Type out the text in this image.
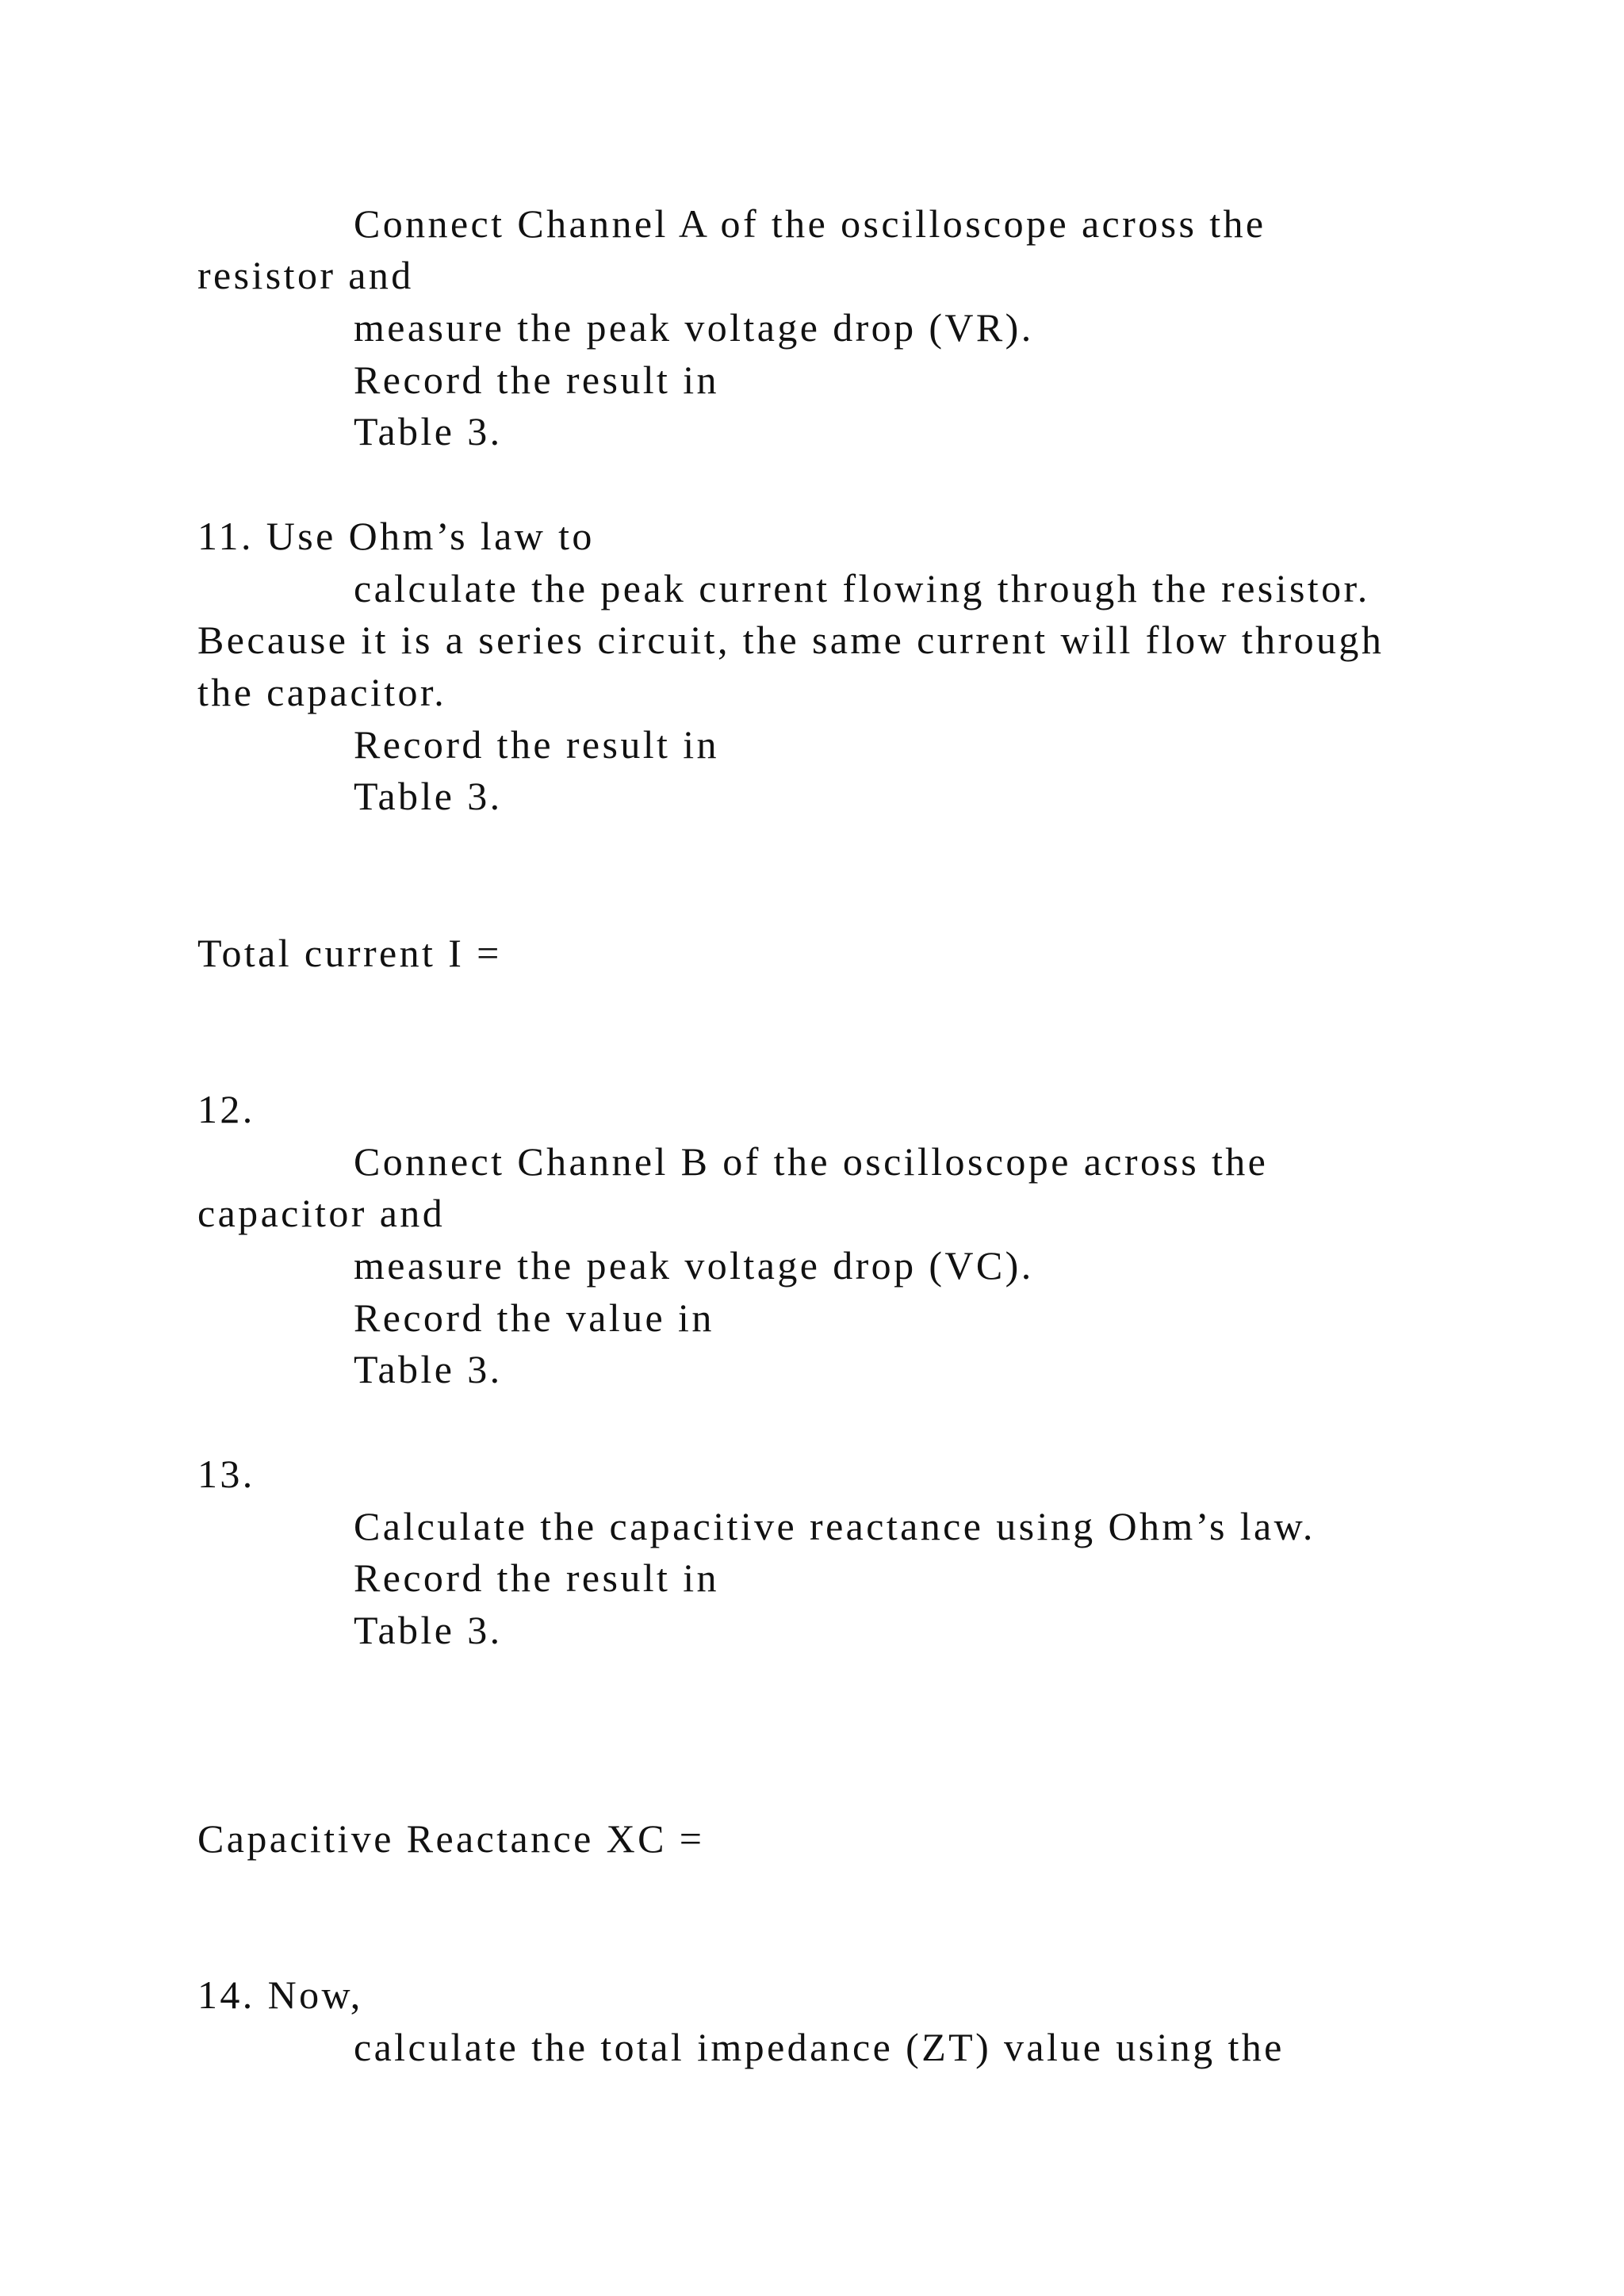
Connect Channel A of the oscilloscope across the

resistor and

measure the peak voltage drop (VR).

Record the result in

Table 3.

11. Use Ohm’s law to

calculate the peak current flowing through the resistor.

Because it is a series circuit, the same current will flow through

the capacitor.

Record the result in

Table 3.

Total current I =

12.

Connect Channel B of the oscilloscope across the

capacitor and

measure the peak voltage drop (VC).

Record the value in

Table 3.

13.

Calculate the capacitive reactance using Ohm’s law.

Record the result in

Table 3.

Capacitive Reactance XC =

14. Now,

calculate the total impedance (ZT) value using the
